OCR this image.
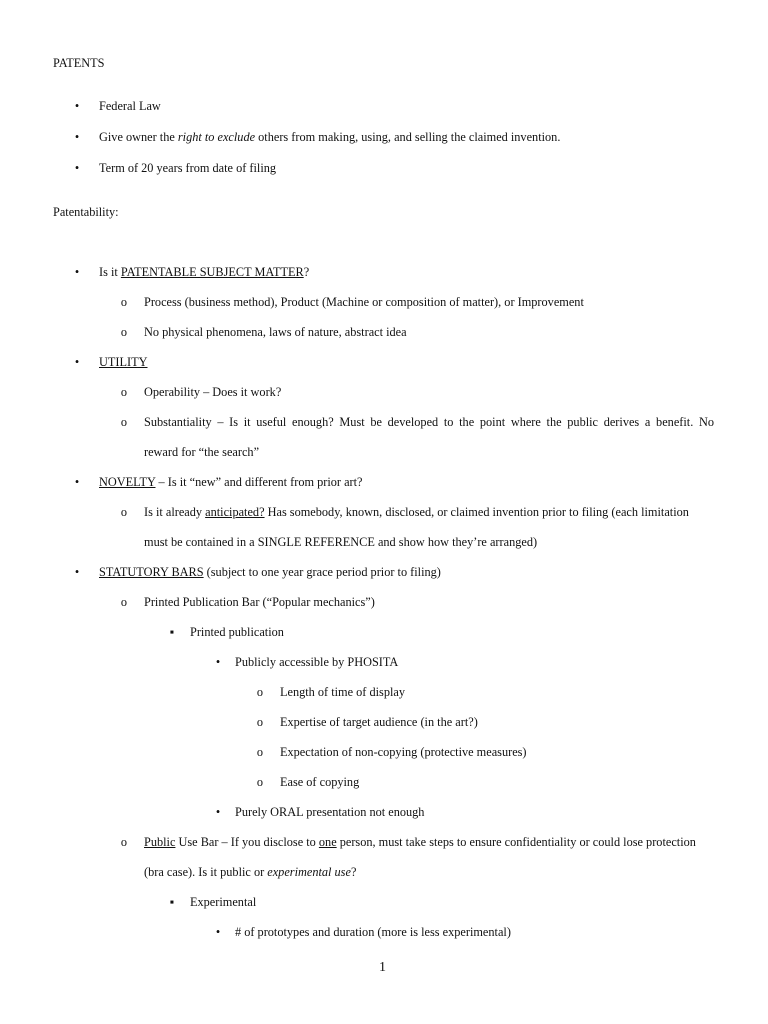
PATENTS
•	Federal Law
•	Give owner the right to exclude others from making, using, and selling the claimed invention.
•	Term of 20 years from date of filing
Patentability:
•	Is it PATENTABLE SUBJECT MATTER?
o	Process (business method), Product (Machine or composition of matter), or Improvement
o	No physical phenomena, laws of nature, abstract idea
•	UTILITY
o	Operability – Does it work?
o	Substantiality – Is it useful enough? Must be developed to the point where the public derives a benefit. No
reward for “the search”
•	NOVELTY – Is it “new” and different from prior art?
o	Is it already anticipated? Has somebody, known, disclosed, or claimed invention prior to filing (each limitation
must be contained in a SINGLE REFERENCE and show how they’re arranged)
•	STATUTORY BARS (subject to one year grace period prior to filing)
o	Printed Publication Bar (“Popular mechanics”)
▪	Printed publication
•	Publicly accessible by PHOSITA
o	Length of time of display
o	Expertise of target audience (in the art?)
o	Expectation of non-copying (protective measures)
o	Ease of copying
•	Purely ORAL presentation not enough
o	Public Use Bar – If you disclose to one person, must take steps to ensure confidentiality or could lose protection
(bra case). Is it public or experimental use?
▪	Experimental
•	# of prototypes and duration (more is less experimental)
1
